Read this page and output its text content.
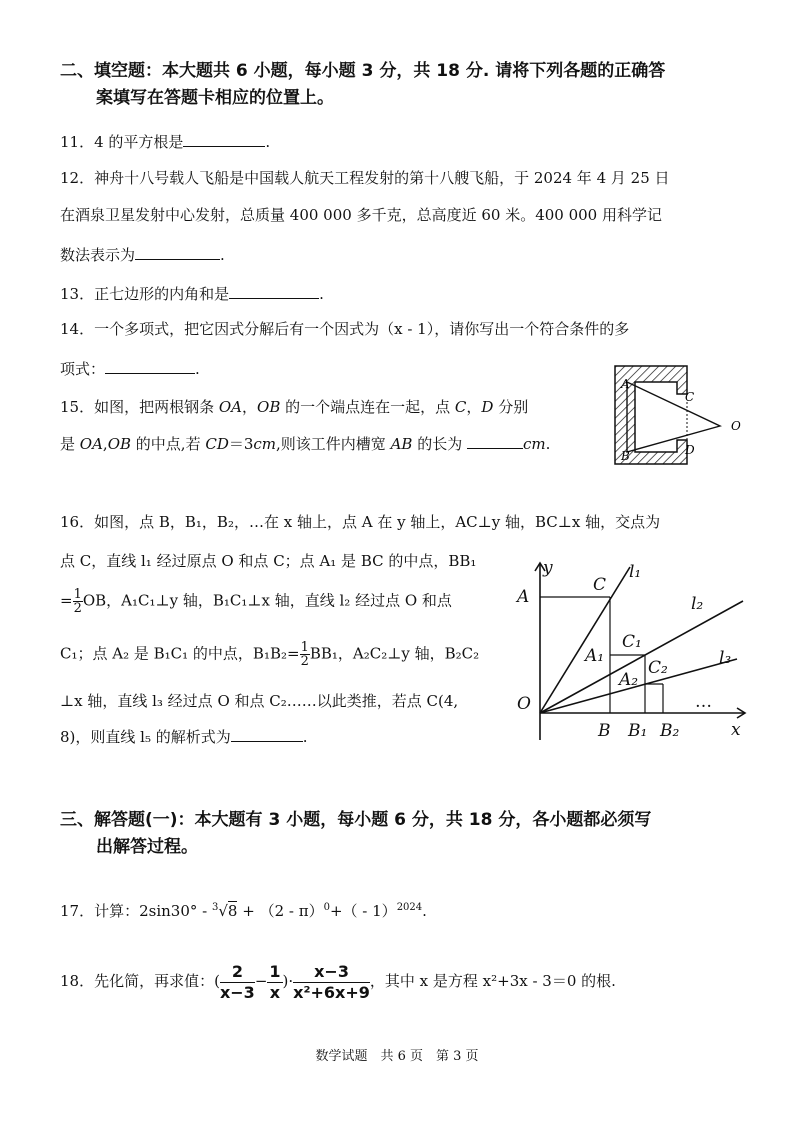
二、填空题：本大题共 6 小题，每小题 3 分，共 18 分. 请将下列各题的正确答
案填写在答题卡相应的位置上。
11．4 的平方根是	.
12．神舟十八号载人飞船是中国载人航天工程发射的第十八艘飞船，于 2024 年 4 月 25 日
在酒泉卫星发射中心发射，总质量 400 000 多千克，总高度近 60 米。400 000 用科学记
数法表示为	.
13．正七边形的内角和是	.
14．一个多项式，把它因式分解后有一个因式为（x - 1），请你写出一个符合条件的多
项式：	.
15．如图，把两根钢条 OA，OB 的一个端点连在一起，点 C，D 分别
是 OA,OB 的中点,若 CD＝3cm,则该工件内槽宽 AB 的长为	cm.
A
C
O
B	D
16．如图，点 B，B₁，B₂，…在 x 轴上，点 A 在 y 轴上，AC⊥y 轴，BC⊥x 轴，交点为
点 C，直线 l₁ 经过原点 O 和点 C；点 A₁ 是 BC 的中点，BB₁
= $\frac{1}{2}$ OB，A₁C₁⊥y 轴，B₁C₁⊥x 轴，直线 l₂ 经过点 O 和点
C₁；点 A₂ 是 B₁C₁ 的中点，$B_1B_2= \frac{1}{2} BB_1$，A₂C₂⊥y 轴，B₂C₂
⊥x 轴，直线 l₃ 经过点 O 和点 C₂……以此类推，若点 C(4,
8)，则直线 l₅ 的解析式为	.
y
x
O
A
C
l₁
l₂
l₃
C₁
A₁
C₂
A₂
B B₁ B₂
…
三、解答题(一)：本大题有 3 小题，每小题 6 分，共 18 分，各小题都必须写
出解答过程。
17．计算：2sin30° - $^3$√8 + （2 - π）$^0$+（ - 1）$^{2024}$.
18．先化简，再求值：( $\frac{2}{x-3} - \frac{1}{x}$ )· $\frac{x-3}{\text{x²+6x+9}}$ ，其中 x 是方程 x²+3x - 3＝0 的根.
数学试题　共 6 页　第 3 页
